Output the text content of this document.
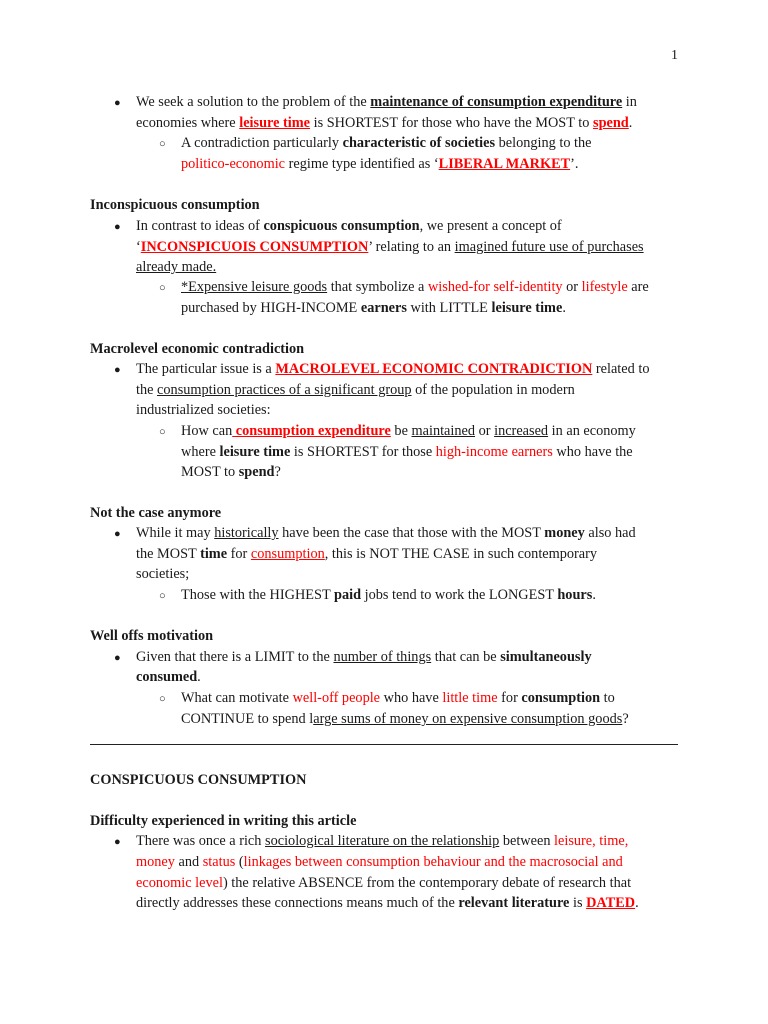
1
● We seek a solution to the problem of the maintenance of consumption expenditure in
economies where leisure time is SHORTEST for those who have the MOST to spend.
○ A contradiction particularly characteristic of societies belonging to the
politico-economic regime type identified as ‘LIBERAL MARKET’.
Inconspicuous consumption
● In contrast to ideas of conspicuous consumption, we present a concept of
‘INCONSPICUOIS CONSUMPTION’ relating to an imagined future use of purchases
already made.
○ *Expensive leisure goods that symbolize a wished-for self-identity or lifestyle are
purchased by HIGH-INCOME earners with LITTLE leisure time.
Macrolevel economic contradiction
● The particular issue is a MACROLEVEL ECONOMIC CONTRADICTION related to
the consumption practices of a significant group of the population in modern
industrialized societies:
○ How can consumption expenditure be maintained or increased in an economy
where leisure time is SHORTEST for those high-income earners who have the
MOST to spend?
Not the case anymore
● While it may historically have been the case that those with the MOST money also had
the MOST time for consumption, this is NOT THE CASE in such contemporary
societies;
○ Those with the HIGHEST paid jobs tend to work the LONGEST hours.
Well offs motivation
● Given that there is a LIMIT to the number of things that can be simultaneously
consumed.
○ What can motivate well-off people who have little time for consumption to
CONTINUE to spend large sums of money on expensive consumption goods?
CONSPICUOUS CONSUMPTION
Difficulty experienced in writing this article
● There was once a rich sociological literature on the relationship between leisure, time,
money and status (linkages between consumption behaviour and the macrosocial and
economic level) the relative ABSENCE from the contemporary debate of research that
directly addresses these connections means much of the relevant literature is DATED.
